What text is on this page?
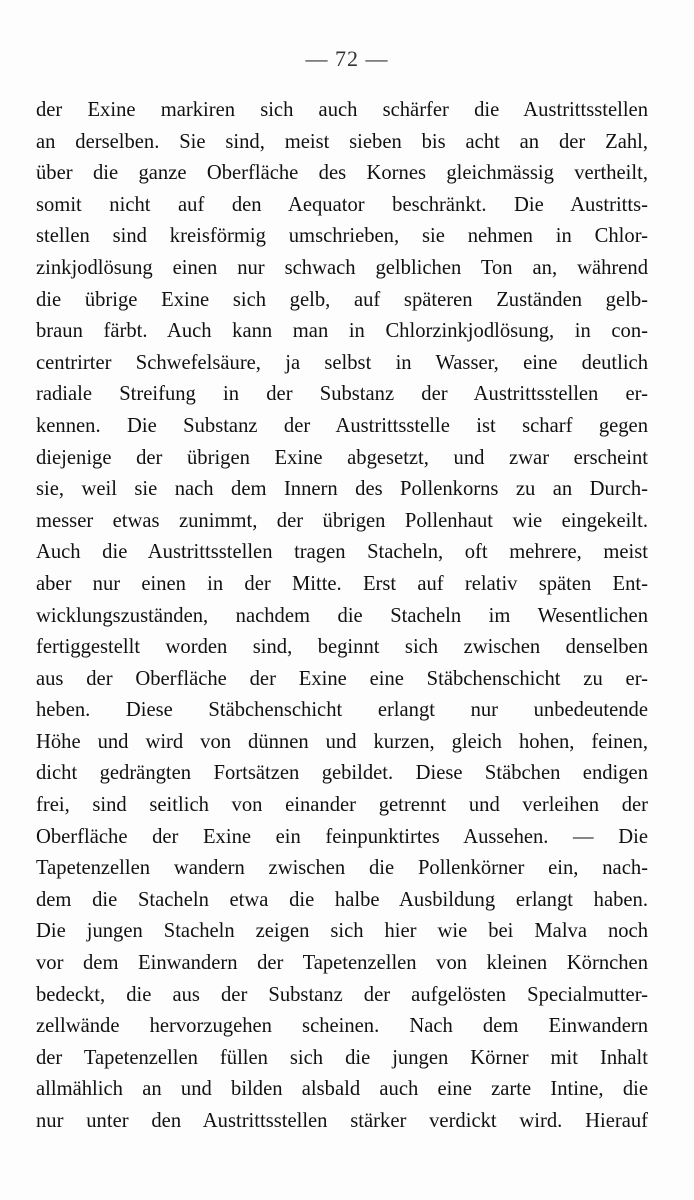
— 72 —
der Exine markiren sich auch schärfer die Austrittsstellen
an derselben. Sie sind, meist sieben bis acht an der Zahl,
über die ganze Oberfläche des Kornes gleichmässig vertheilt,
somit nicht auf den Aequator beschränkt. Die Austritts-
stellen sind kreisförmig umschrieben, sie nehmen in Chlor-
zinkjodlösung einen nur schwach gelblichen Ton an, während
die übrige Exine sich gelb, auf späteren Zuständen gelb-
braun färbt. Auch kann man in Chlorzinkjodlösung, in con-
centrirter Schwefelsäure, ja selbst in Wasser, eine deutlich
radiale Streifung in der Substanz der Austrittsstellen er-
kennen. Die Substanz der Austrittsstelle ist scharf gegen
diejenige der übrigen Exine abgesetzt, und zwar erscheint
sie, weil sie nach dem Innern des Pollenkorns zu an Durch-
messer etwas zunimmt, der übrigen Pollenhaut wie eingekeilt.
Auch die Austrittsstellen tragen Stacheln, oft mehrere, meist
aber nur einen in der Mitte. Erst auf relativ späten Ent-
wicklungszuständen, nachdem die Stacheln im Wesentlichen
fertiggestellt worden sind, beginnt sich zwischen denselben
aus der Oberfläche der Exine eine Stäbchenschicht zu er-
heben. Diese Stäbchenschicht erlangt nur unbedeutende
Höhe und wird von dünnen und kurzen, gleich hohen, feinen,
dicht gedrängten Fortsätzen gebildet. Diese Stäbchen endigen
frei, sind seitlich von einander getrennt und verleihen der
Oberfläche der Exine ein feinpunktirtes Aussehen. — Die
Tapetenzellen wandern zwischen die Pollenkörner ein, nach-
dem die Stacheln etwa die halbe Ausbildung erlangt haben.
Die jungen Stacheln zeigen sich hier wie bei Malva noch
vor dem Einwandern der Tapetenzellen von kleinen Körnchen
bedeckt, die aus der Substanz der aufgelösten Specialmutter-
zellwände hervorzugehen scheinen. Nach dem Einwandern
der Tapetenzellen füllen sich die jungen Körner mit Inhalt
allmählich an und bilden alsbald auch eine zarte Intine, die
nur unter den Austrittsstellen stärker verdickt wird. Hierauf
